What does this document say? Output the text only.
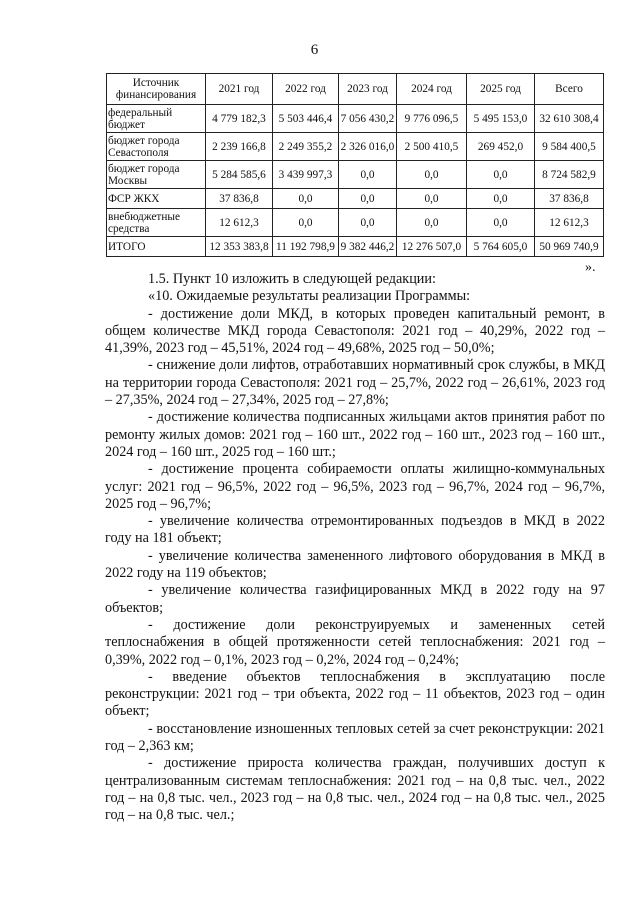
6
Источник финансирования	2021 год	2022 год	2023 год	2024 год	2025 год	Всего
федеральный бюджет	4 779 182,3	5 503 446,4	7 056 430,2	9 776 096,5	5 495 153,0	32 610 308,4
бюджет города Севастополя	2 239 166,8	2 249 355,2	2 326 016,0	2 500 410,5	269 452,0	9 584 400,5
бюджет города Москвы	5 284 585,6	3 439 997,3	0,0	0,0	0,0	8 724 582,9
ФСР ЖКХ	37 836,8	0,0	0,0	0,0	0,0	37 836,8
внебюджетные средства	12 612,3	0,0	0,0	0,0	0,0	12 612,3
ИТОГО	12 353 383,8	11 192 798,9	9 382 446,2	12 276 507,0	5 764 605,0	50 969 740,9
».

1.5. Пункт 10 изложить в следующей редакции:

«10. Ожидаемые результаты реализации Программы:

- достижение доли МКД, в которых проведен капитальный ремонт, в общем количестве МКД города Севастополя: 2021 год – 40,29%, 2022 год – 41,39%, 2023 год – 45,51%, 2024 год – 49,68%, 2025 год – 50,0%;

- снижение доли лифтов, отработавших нормативный срок службы, в МКД на территории города Севастополя: 2021 год – 25,7%, 2022 год – 26,61%, 2023 год – 27,35%, 2024 год – 27,34%, 2025 год – 27,8%;

- достижение количества подписанных жильцами актов принятия работ по ремонту жилых домов: 2021 год – 160 шт., 2022 год – 160 шт., 2023 год – 160 шт., 2024 год – 160 шт., 2025 год – 160 шт.;

- достижение процента собираемости оплаты жилищно-коммунальных услуг: 2021 год – 96,5%, 2022 год – 96,5%, 2023 год – 96,7%, 2024 год – 96,7%, 2025 год – 96,7%;

- увеличение количества отремонтированных подъездов в МКД в 2022 году на 181 объект;

- увеличение количества замененного лифтового оборудования в МКД в 2022 году на 119 объектов;

- увеличение количества газифицированных МКД в 2022 году на 97 объектов;

- достижение доли реконструируемых и замененных сетей теплоснабжения в общей протяженности сетей теплоснабжения: 2021 год – 0,39%, 2022 год – 0,1%, 2023 год – 0,2%, 2024 год – 0,24%;

- введение объектов теплоснабжения в эксплуатацию после реконструкции: 2021 год – три объекта, 2022 год – 11 объектов, 2023 год – один объект;

- восстановление изношенных тепловых сетей за счет реконструкции: 2021 год – 2,363 км;

- достижение прироста количества граждан, получивших доступ к централизованным системам теплоснабжения: 2021 год – на 0,8 тыс. чел., 2022 год – на 0,8 тыс. чел., 2023 год – на 0,8 тыс. чел., 2024 год – на 0,8 тыс. чел., 2025 год – на 0,8 тыс. чел.;
